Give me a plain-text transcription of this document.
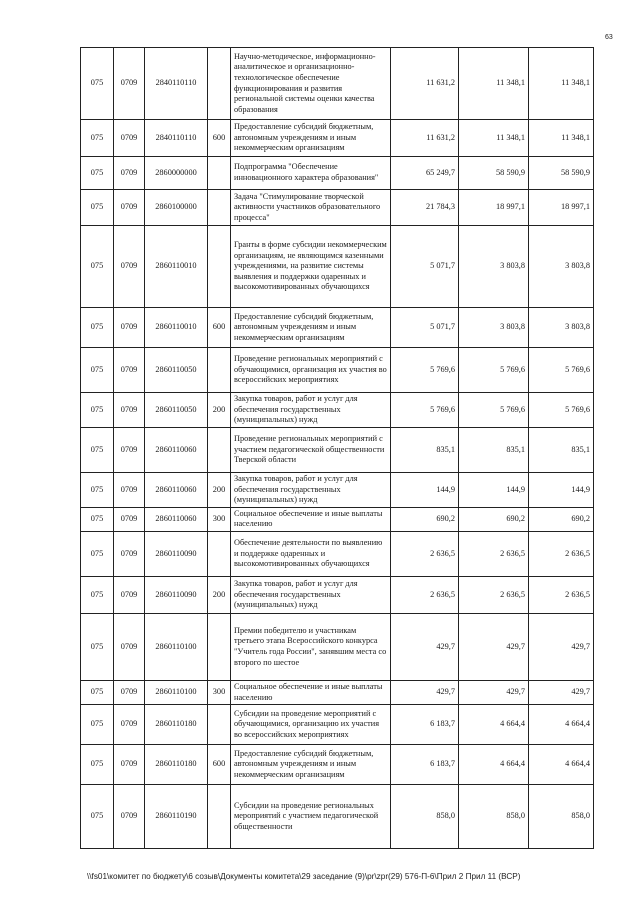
63
075	0709	2840110110		Научно-методическое, информационно-аналитическое и организационно-технологическое обеспечение функционирования и развития региональной системы оценки качества образования	11 631,2	11 348,1	11 348,1
075	0709	2840110110	600	Предоставление субсидий бюджетным, автономным учреждениям и иным некоммерческим организациям	11 631,2	11 348,1	11 348,1
075	0709	2860000000		Подпрограмма "Обеспечение инновационного характера образования"	65 249,7	58 590,9	58 590,9
075	0709	2860100000		Задача "Стимулирование творческой активности участников образовательного процесса"	21 784,3	18 997,1	18 997,1
075	0709	2860110010		Гранты в форме субсидии некоммерческим организациям, не являющимся казенными учреждениями, на развитие системы выявления и поддержки одаренных и высокомотивированных обучающихся	5 071,7	3 803,8	3 803,8
075	0709	2860110010	600	Предоставление субсидий бюджетным, автономным учреждениям и иным некоммерческим организациям	5 071,7	3 803,8	3 803,8
075	0709	2860110050		Проведение региональных мероприятий с обучающимися, организация их участия во всероссийских мероприятиях	5 769,6	5 769,6	5 769,6
075	0709	2860110050	200	Закупка товаров, работ и услуг для обеспечения государственных (муниципальных) нужд	5 769,6	5 769,6	5 769,6
075	0709	2860110060		Проведение региональных мероприятий с участием педагогической общественности Тверской области	835,1	835,1	835,1
075	0709	2860110060	200	Закупка товаров, работ и услуг для обеспечения государственных (муниципальных) нужд	144,9	144,9	144,9
075	0709	2860110060	300	Социальное обеспечение и иные выплаты населению	690,2	690,2	690,2
075	0709	2860110090		Обеспечение деятельности по выявлению и поддержке одаренных и высокомотивированных обучающихся	2 636,5	2 636,5	2 636,5
075	0709	2860110090	200	Закупка товаров, работ и услуг для обеспечения государственных (муниципальных) нужд	2 636,5	2 636,5	2 636,5
075	0709	2860110100		Премии победителю и участникам третьего этапа Всероссийского конкурса "Учитель года России", занявшим места со второго по шестое	429,7	429,7	429,7
075	0709	2860110100	300	Социальное обеспечение и иные выплаты населению	429,7	429,7	429,7
075	0709	2860110180		Субсидии на проведение мероприятий с обучающимися, организацию их участия во всероссийских мероприятиях	6 183,7	4 664,4	4 664,4
075	0709	2860110180	600	Предоставление субсидий бюджетным, автономным учреждениям и иным некоммерческим организациям	6 183,7	4 664,4	4 664,4
075	0709	2860110190		Субсидии на проведение региональных мероприятий с участием педагогической общественности	858,0	858,0	858,0
\\fs01\комитет по бюджету\6 созыв\Документы комитета\29 заседание (9)\pr\zpr(29) 576-П-6\Прил 2 Прил 11 (ВСР)
